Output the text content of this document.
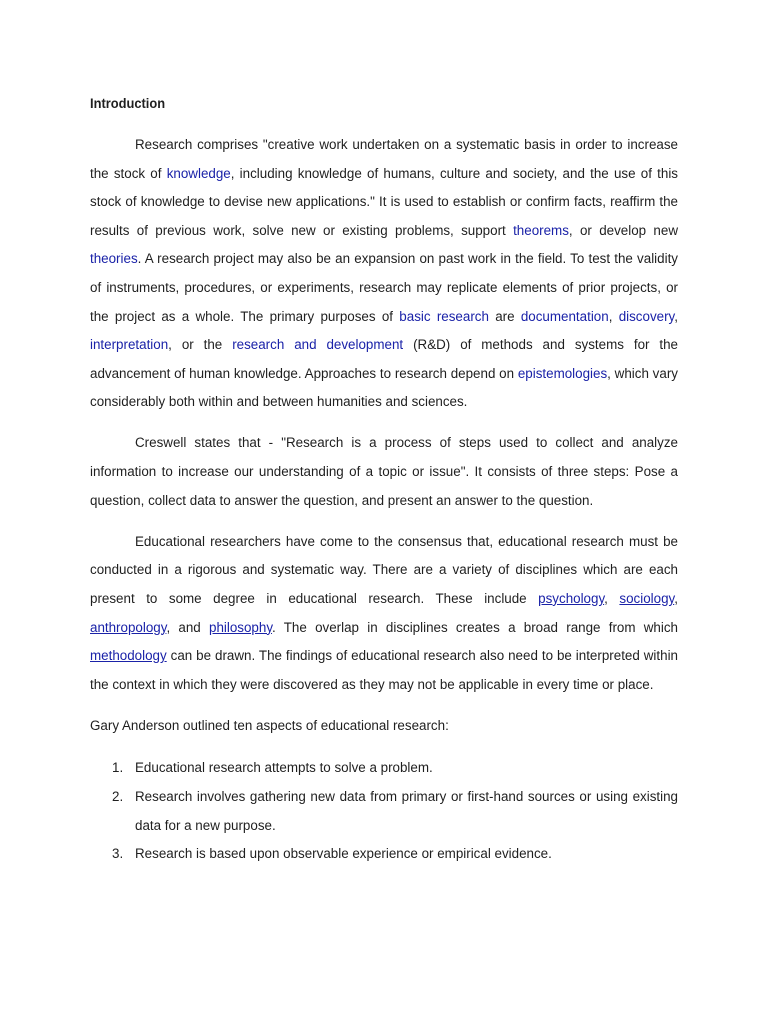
Introduction

Research comprises "creative work undertaken on a systematic basis in order to increase the stock of knowledge, including knowledge of humans, culture and society, and the use of this stock of knowledge to devise new applications." It is used to establish or confirm facts, reaffirm the results of previous work, solve new or existing problems, support theorems, or develop new theories. A research project may also be an expansion on past work in the field. To test the validity of instruments, procedures, or experiments, research may replicate elements of prior projects, or the project as a whole. The primary purposes of basic research are documentation, discovery, interpretation, or the research and development (R&D) of methods and systems for the advancement of human knowledge. Approaches to research depend on epistemologies, which vary considerably both within and between humanities and sciences.

Creswell states that - "Research is a process of steps used to collect and analyze information to increase our understanding of a topic or issue". It consists of three steps: Pose a question, collect data to answer the question, and present an answer to the question.

Educational researchers have come to the consensus that, educational research must be conducted in a rigorous and systematic way. There are a variety of disciplines which are each present to some degree in educational research. These include psychology, sociology, anthropology, and philosophy. The overlap in disciplines creates a broad range from which methodology can be drawn. The findings of educational research also need to be interpreted within the context in which they were discovered as they may not be applicable in every time or place.

Gary Anderson outlined ten aspects of educational research:

1. Educational research attempts to solve a problem.
2. Research involves gathering new data from primary or first-hand sources or using existing data for a new purpose.
3. Research is based upon observable experience or empirical evidence.
